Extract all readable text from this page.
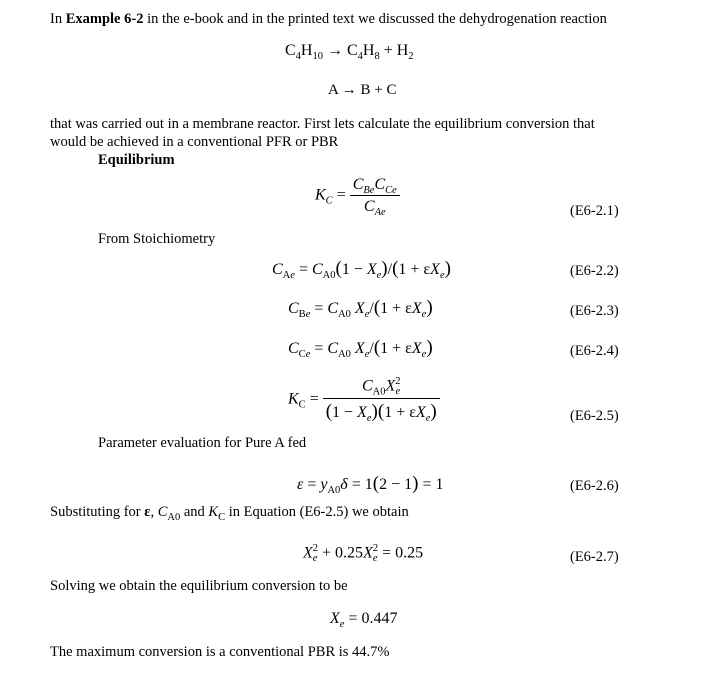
In Example 6-2 in the e-book and in the printed text we discussed the dehydrogenation reaction
$C_4H_{10} \to C_4H_8 + H_2$
A → B + C
that was carried out in a membrane reactor. First lets calculate the equilibrium conversion that
would be achieved in a conventional PFR or PBR
Equilibrium
$K_C = \frac{C_{Be}C_{Ce}}{C_{Ae}}$	(E6-2.1)
From Stoichiometry
$C_{Ae} = C_{A0}(1 - X_e)/(1 + \varepsilon X_e)$	(E6-2.2)
$C_{Be} = C_{A0}$ $X_e/(1 + \varepsilon X_e)$	(E6-2.3)
$C_{Ce} = C_{A0}$ $X_e/(1 + \varepsilon X_e)$	(E6-2.4)
$K_C = C_{A0}X$ 2
e
$(1 - X_e)(1 + \varepsilon X_e)$	(E6-2.5)
Parameter evaluation for Pure A fed
$\varepsilon = y_{A0}\delta = 1(2 - 1) = 1$	(E6-2.6)
Substituting for ε, $C_{A0}$ and $K_C$ in Equation (E6-2.5) we obtain
X 2
e + 0.25X 2
e = 0.25	(E6-2.7)
Solving we obtain the equilibrium conversion to be
$X_e = 0.447$
The maximum conversion is a conventional PBR is 44.7%
